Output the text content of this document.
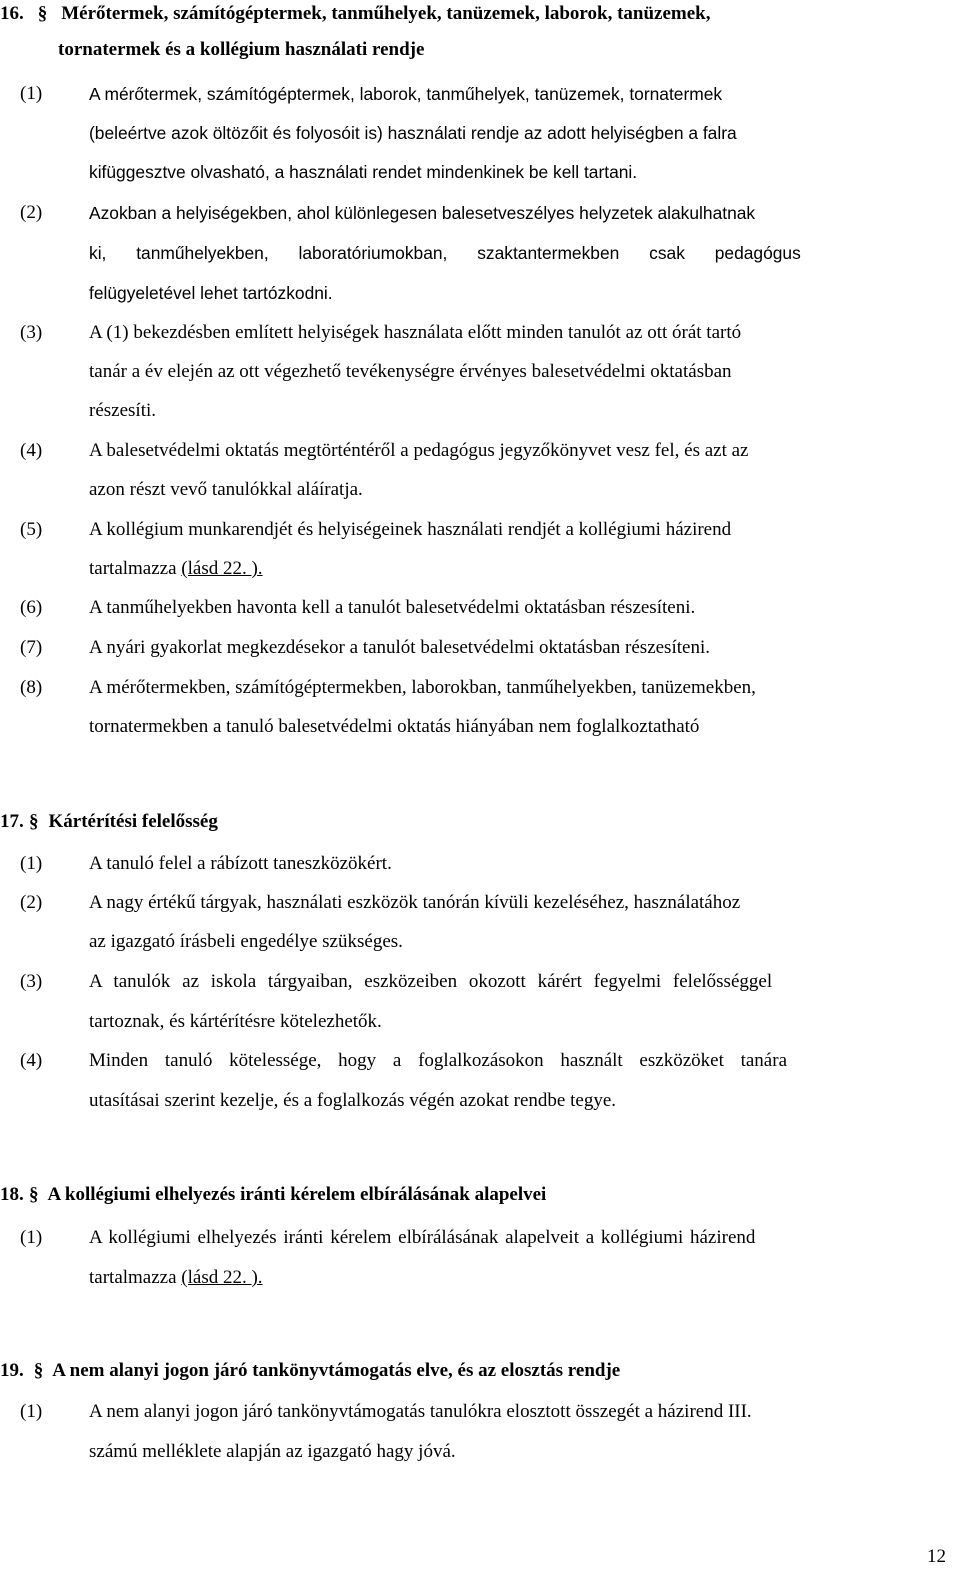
16. § Mérőtermek, számítógéptermek, tanműhelyek, tanüzemek, laborok, tanüzemek,
tornatermek és a kollégium használati rendje
(1)	A mérőtermek, számítógéptermek, laborok, tanműhelyek, tanüzemek, tornatermek
(beleértve azok öltözőit és folyosóit is) használati rendje az adott helyiségben a falra
kifüggesztve olvasható, a használati rendet mindenkinek be kell tartani.
(2)	Azokban a helyiségekben, ahol különlegesen balesetveszélyes helyzetek alakulhatnak
ki, tanműhelyekben, laboratóriumokban, szaktantermekben csak pedagógus
felügyeletével lehet tartózkodni.
(3) A (1) bekezdésben említett helyiségek használata előtt minden tanulót az ott órát tartó
tanár a év elején az ott végezhető tevékenységre érvényes balesetvédelmi oktatásban
részesíti.
(4) A balesetvédelmi oktatás megtörténtéről a pedagógus jegyzőkönyvet vesz fel, és azt az
azon részt vevő tanulókkal aláíratja.
(5) A kollégium munkarendjét és helyiségeinek használati rendjét a kollégiumi házirend
tartalmazza (lásd 22. ).
(6) A tanműhelyekben havonta kell a tanulót balesetvédelmi oktatásban részesíteni.
(7) A nyári gyakorlat megkezdésekor a tanulót balesetvédelmi oktatásban részesíteni.
(8) A mérőtermekben, számítógéptermekben, laborokban, tanműhelyekben, tanüzemekben,
tornatermekben a tanuló balesetvédelmi oktatás hiányában nem foglalkoztatható
17. § Kártérítési felelősség
(1) A tanuló felel a rábízott taneszközökért.
(2) A nagy értékű tárgyak, használati eszközök tanórán kívüli kezeléséhez, használatához
az igazgató írásbeli engedélye szükséges.
(3) A tanulók az iskola tárgyaiban, eszközeiben okozott kárért fegyelmi felelősséggel
tartoznak, és kártérítésre kötelezhetők.
(4) Minden tanuló kötelessége, hogy a foglalkozásokon használt eszközöket tanára
utasításai szerint kezelje, és a foglalkozás végén azokat rendbe tegye.
18. § A kollégiumi elhelyezés iránti kérelem elbírálásának alapelvei
(1) A kollégiumi elhelyezés iránti kérelem elbírálásának alapelveit a kollégiumi házirend
tartalmazza (lásd 22. ).
19. § A nem alanyi jogon járó tankönyvtámogatás elve, és az elosztás rendje
(1) A nem alanyi jogon járó tankönyvtámogatás tanulókra elosztott összegét a házirend III.
számú melléklete alapján az igazgató hagy jóvá.
12
